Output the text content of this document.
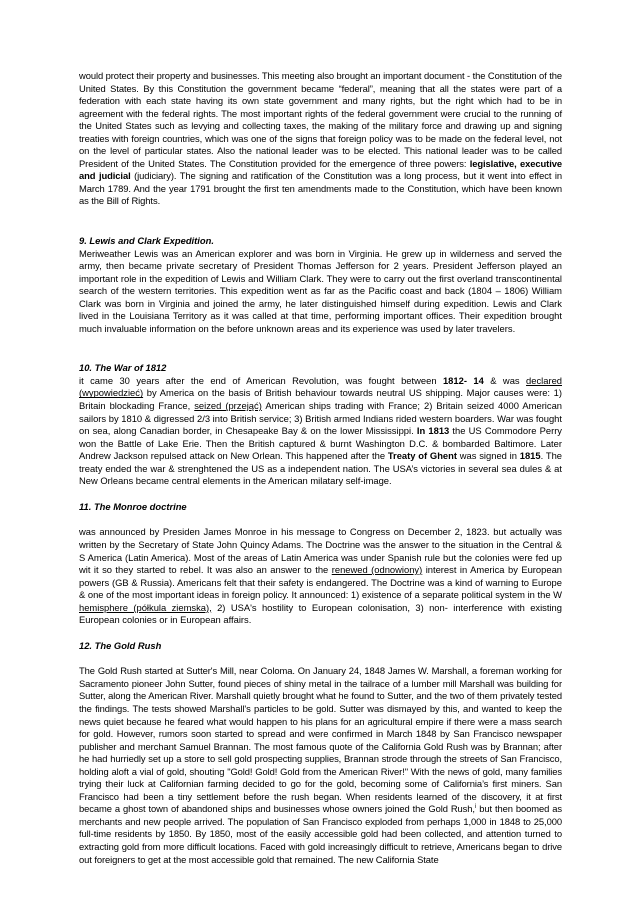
would protect their property and businesses. This meeting also brought an important document - the Constitution of the United States. By this Constitution the government became “federal”, meaning that all the states were part of a federation with each state having its own state government and many rights, but the right which had to be in agreement with the federal rights. The most important rights of the federal government were crucial to the running of the United States such as levying and collecting taxes, the making of the military force and drawing up and signing treaties with foreign countries, which was one of the signs that foreign policy was to be made on the federal level, not on the level of particular states. Also the national leader was to be elected. This national leader was to be called President of the United States. The Constitution provided for the emergence of three powers: legislative, executive and judicial (judiciary). The signing and ratification of the Constitution was a long process, but it went into effect in March 1789. And the year 1791 brought the first ten amendments made to the Constitution, which have been known as the Bill of Rights.

9. Lewis and Clark Expedition.

Meriweather Lewis was an American explorer and was born in Virginia. He grew up in wilderness and served the army, then became private secretary of President Thomas Jefferson for 2 years. President Jefferson played an important role in the expedition of Lewis and William Clark. They were to carry out the first overland transcontinental search of the western territories. This expedition went as far as the Pacific coast and back (1804 – 1806) William Clark was born in Virginia and joined the army, he later distinguished himself during expedition. Lewis and Clark lived in the Louisiana Territory as it was called at that time, performing important offices. Their expedition brought much invaluable information on the before unknown areas and its experience was used by later travelers.

10. The War of 1812

it came 30 years after the end of American Revolution, was fought between 1812- 14 & was declared (wypowiedzieć) by America on the basis of British behaviour towards neutral US shipping. Major causes were: 1) Britain blockading France, seized (przejąć) American ships trading with France; 2) Britain seized 4000 American sailors by 1810 & digressed 2/3 into British service; 3) British armed Indians rided western boarders. War was fought on sea, along Canadian border, in Chesapeake Bay & on the lower Mississippi. In 1813 the US Commodore Perry won the Battle of Lake Erie. Then the British captured & burnt Washington D.C. & bombarded Baltimore. Later Andrew Jackson repulsed attack on New Orlean. This happened after the Treaty of Ghent was signed in 1815. The treaty ended the war & strenghtened the US as a independent nation. The USA’s victories in several sea dules & at New Orleans became central elements in the American milatary self-image.

11. The Monroe doctrine

was announced by Presiden James Monroe in his message to Congress on December 2, 1823. but actually was written by the Secretary of State John Quincy Adams. The Doctrine was the answer to the situation in the Central & S America (Latin America). Most of the areas of Latin America was under Spanish rule but the colonies were fed up wit it so they started to rebel. It was also an answer to the renewed (odnowiony) interest in America by European powers (GB & Russia). Americans felt that their safety is endangered. The Doctrine was a kind of warning to Europe & one of the most important ideas in foreign policy. It announced: 1) existence of a separate political system in the W hemisphere (półkula ziemska), 2) USA's hostility to European colonisation, 3) non- interference with existing European colonies or in European affairs.

12. The Gold Rush

The Gold Rush started at Sutter's Mill, near Coloma. On January 24, 1848 James W. Marshall, a foreman working for Sacramento pioneer John Sutter, found pieces of shiny metal in the tailrace of a lumber mill Marshall was building for Sutter, along the American River. Marshall quietly brought what he found to Sutter, and the two of them privately tested the findings. The tests showed Marshall's particles to be gold. Sutter was dismayed by this, and wanted to keep the news quiet because he feared what would happen to his plans for an agricultural empire if there were a mass search for gold. However, rumors soon started to spread and were confirmed in March 1848 by San Francisco newspaper publisher and merchant Samuel Brannan. The most famous quote of the California Gold Rush was by Brannan; after he had hurriedly set up a store to sell gold prospecting supplies, Brannan strode through the streets of San Francisco, holding aloft a vial of gold, shouting "Gold! Gold! Gold from the American River!" With the news of gold, many families trying their luck at Californian farming decided to go for the gold, becoming some of California’s first miners. San Francisco had been a tiny settlement before the rush began. When residents learned of the discovery, it at first became a ghost town of abandoned ships and businesses whose owners joined the Gold Rush,$^i$ but then boomed as merchants and new people arrived. The population of San Francisco exploded from perhaps 1,000 in 1848 to 25,000 full-time residents by 1850. By 1850, most of the easily accessible gold had been collected, and attention turned to extracting gold from more difficult locations. Faced with gold increasingly difficult to retrieve, Americans began to drive out foreigners to get at the most accessible gold that remained. The new California State
